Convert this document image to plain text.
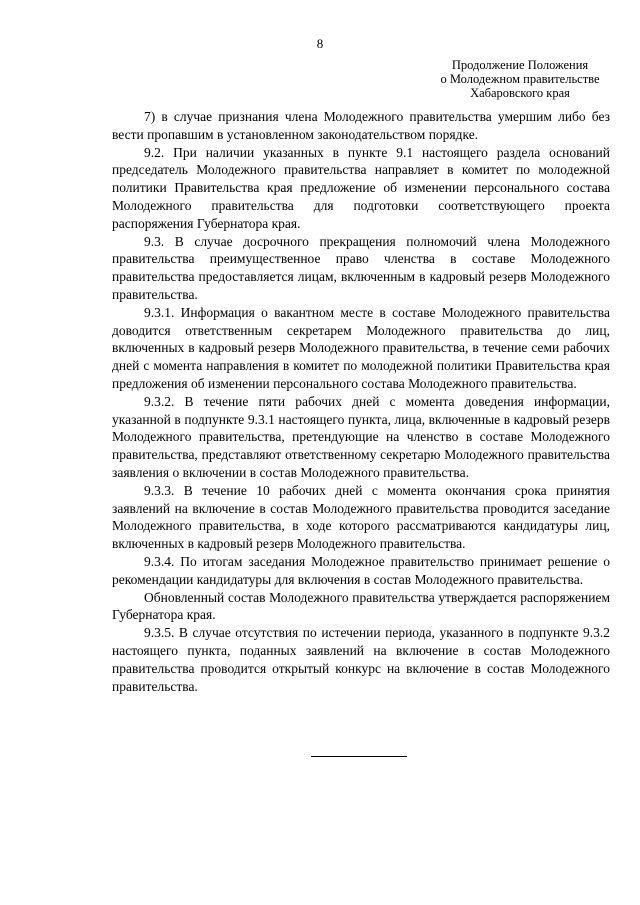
8
Продолжение Положения
о Молодежном правительстве
Хабаровского края

7) в случае признания члена Молодежного правительства умершим либо без вести пропавшим в установленном законодательством порядке.

9.2. При наличии указанных в пункте 9.1 настоящего раздела оснований председатель Молодежного правительства направляет в комитет по молодежной политики Правительства края предложение об изменении персонального состава Молодежного правительства для подготовки соответствующего проекта распоряжения Губернатора края.

9.3. В случае досрочного прекращения полномочий члена Молодежного правительства преимущественное право членства в составе Молодежного правительства предоставляется лицам, включенным в кадровый резерв Молодежного правительства.

9.3.1. Информация о вакантном месте в составе Молодежного правительства доводится ответственным секретарем Молодежного правительства до лиц, включенных в кадровый резерв Молодежного правительства, в течение семи рабочих дней с момента направления в комитет по молодежной политики Правительства края предложения об изменении персонального состава Молодежного правительства.

9.3.2. В течение пяти рабочих дней с момента доведения информации, указанной в подпункте 9.3.1 настоящего пункта, лица, включенные в кадровый резерв Молодежного правительства, претендующие на членство в составе Молодежного правительства, представляют ответственному секретарю Молодежного правительства заявления о включении в состав Молодежного правительства.

9.3.3. В течение 10 рабочих дней с момента окончания срока принятия заявлений на включение в состав Молодежного правительства проводится заседание Молодежного правительства, в ходе которого рассматриваются кандидатуры лиц, включенных в кадровый резерв Молодежного правительства.

9.3.4. По итогам заседания Молодежное правительство принимает решение о рекомендации кандидатуры для включения в состав Молодежного правительства.

Обновленный состав Молодежного правительства утверждается распоряжением Губернатора края.

9.3.5. В случае отсутствия по истечении периода, указанного в подпункте 9.3.2 настоящего пункта, поданных заявлений на включение в состав Молодежного правительства проводится открытый конкурс на включение в состав Молодежного правительства.
